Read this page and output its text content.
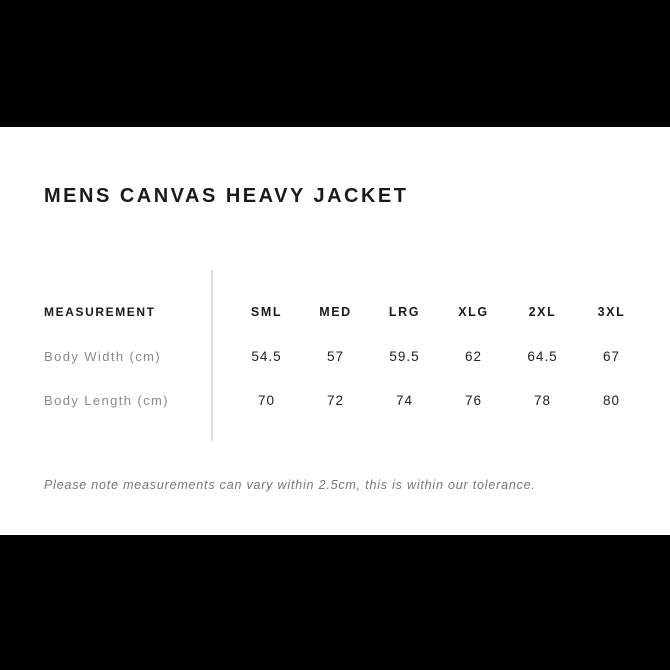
MENS CANVAS HEAVY JACKET
MEASUREMENT	SML	MED	LRG	XLG	2XL	3XL
Body Width (cm)	54.5	57	59.5	62	64.5	67
Body Length (cm)	70	72	74	76	78	80
Please note measurements can vary within 2.5cm, this is within our tolerance.
